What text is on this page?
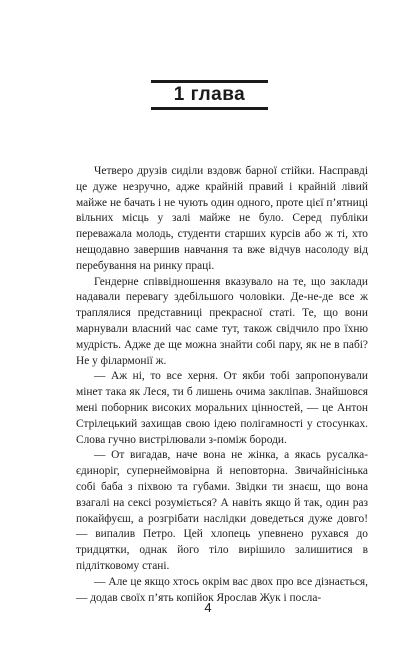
1 глава

Четверо друзів сиділи вздовж барної стійки. Насправді це дуже незручно, адже крайній правий і крайній лівий майже не бачать і не чують один одного, проте цієї п’ятниці вільних місць у залі майже не було. Серед публіки переважала молодь, студенти старших курсів або ж ті, хто нещодавно завершив навчання та вже відчув насолоду від перебування на ринку праці.

Гендерне співвідношення вказувало на те, що заклади надавали перевагу здебільшого чоловіки. Де-не-де все ж траплялися представниці прекрасної статі. Те, що вони марнували власний час саме тут, також свідчило про їхню мудрість. Адже де ще можна знайти собі пару, як не в пабі? Не у філармонії ж.

— Аж ні, то все херня. От якби тобі запропонували мінет така як Леся, ти б лишень очима закліпав. Знайшовся мені поборник високих моральних цінностей, — це Антон Стрілецький захищав свою ідею полігамності у стосунках. Слова гучно вистрілювали з-поміж бороди.

— От вигадав, наче вона не жінка, а якась русалка-єдиноріг, супернеймовірна й неповторна. Звичайнісінька собі баба з піхвою та губами. Звідки ти знаєш, що вона взагалі на сексі розуміється? А навіть якщо й так, один раз покайфуєш, а розгрібати наслідки доведеться дуже довго! — випалив Петро. Цей хлопець упевнено рухався до тридцятки, однак його тіло вирішило залишитися в підлітковому стані.

— Але це якщо хтось окрім вас двох про все дізнається, — додав своїх п’ять копійок Ярослав Жук і посла-

4
